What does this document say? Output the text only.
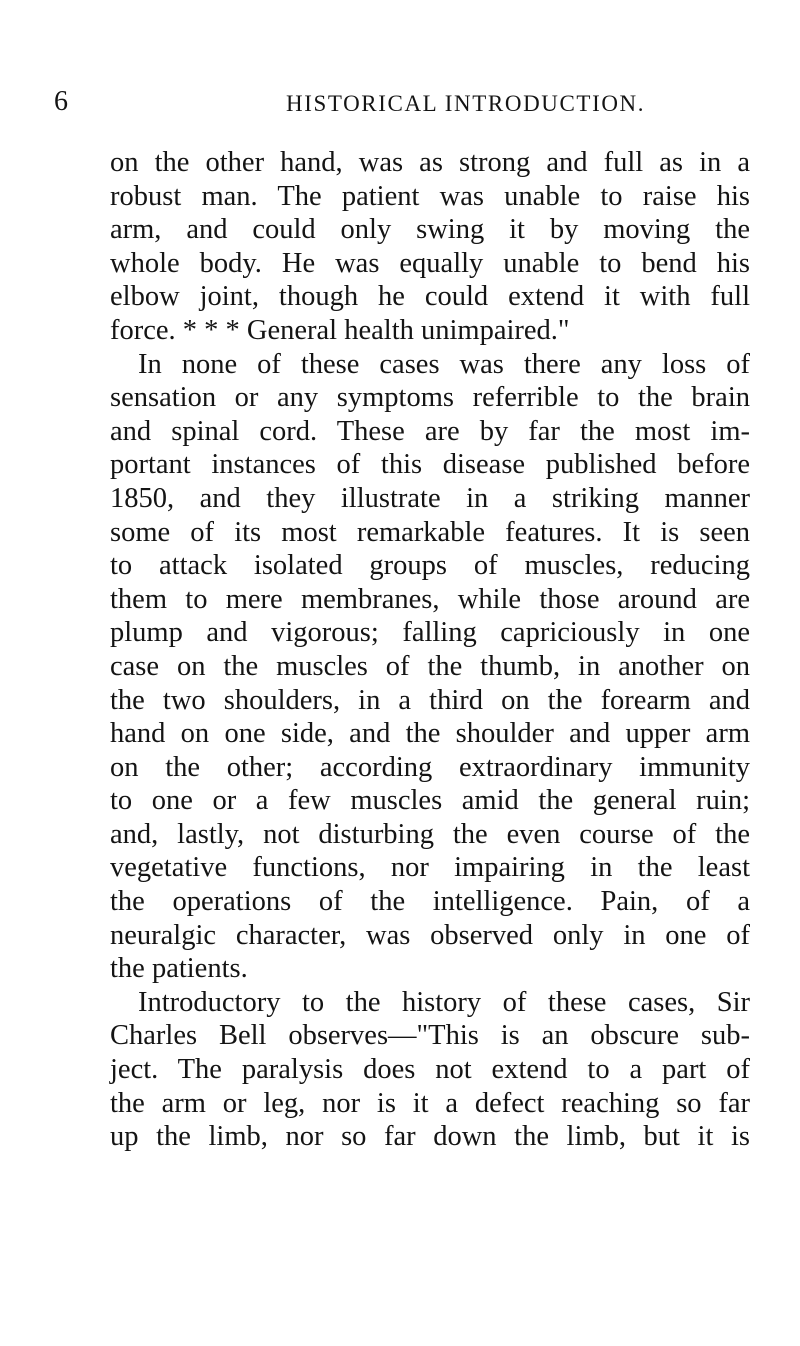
6	HISTORICAL INTRODUCTION.
on the other hand, was as strong and full as in a
robust man. The patient was unable to raise his
arm, and could only swing it by moving the
whole body. He was equally unable to bend his
elbow joint, though he could extend it with full
force. * * * General health unimpaired."
In none of these cases was there any loss of
sensation or any symptoms referrible to the brain
and spinal cord. These are by far the most im-
portant instances of this disease published before
1850, and they illustrate in a striking manner
some of its most remarkable features. It is seen
to attack isolated groups of muscles, reducing
them to mere membranes, while those around are
plump and vigorous; falling capriciously in one
case on the muscles of the thumb, in another on
the two shoulders, in a third on the forearm and
hand on one side, and the shoulder and upper arm
on the other; according extraordinary immunity
to one or a few muscles amid the general ruin;
and, lastly, not disturbing the even course of the
vegetative functions, nor impairing in the least
the operations of the intelligence. Pain, of a
neuralgic character, was observed only in one of
the patients.
Introductory to the history of these cases, Sir
Charles Bell observes—"This is an obscure sub-
ject. The paralysis does not extend to a part of
the arm or leg, nor is it a defect reaching so far
up the limb, nor so far down the limb, but it is
